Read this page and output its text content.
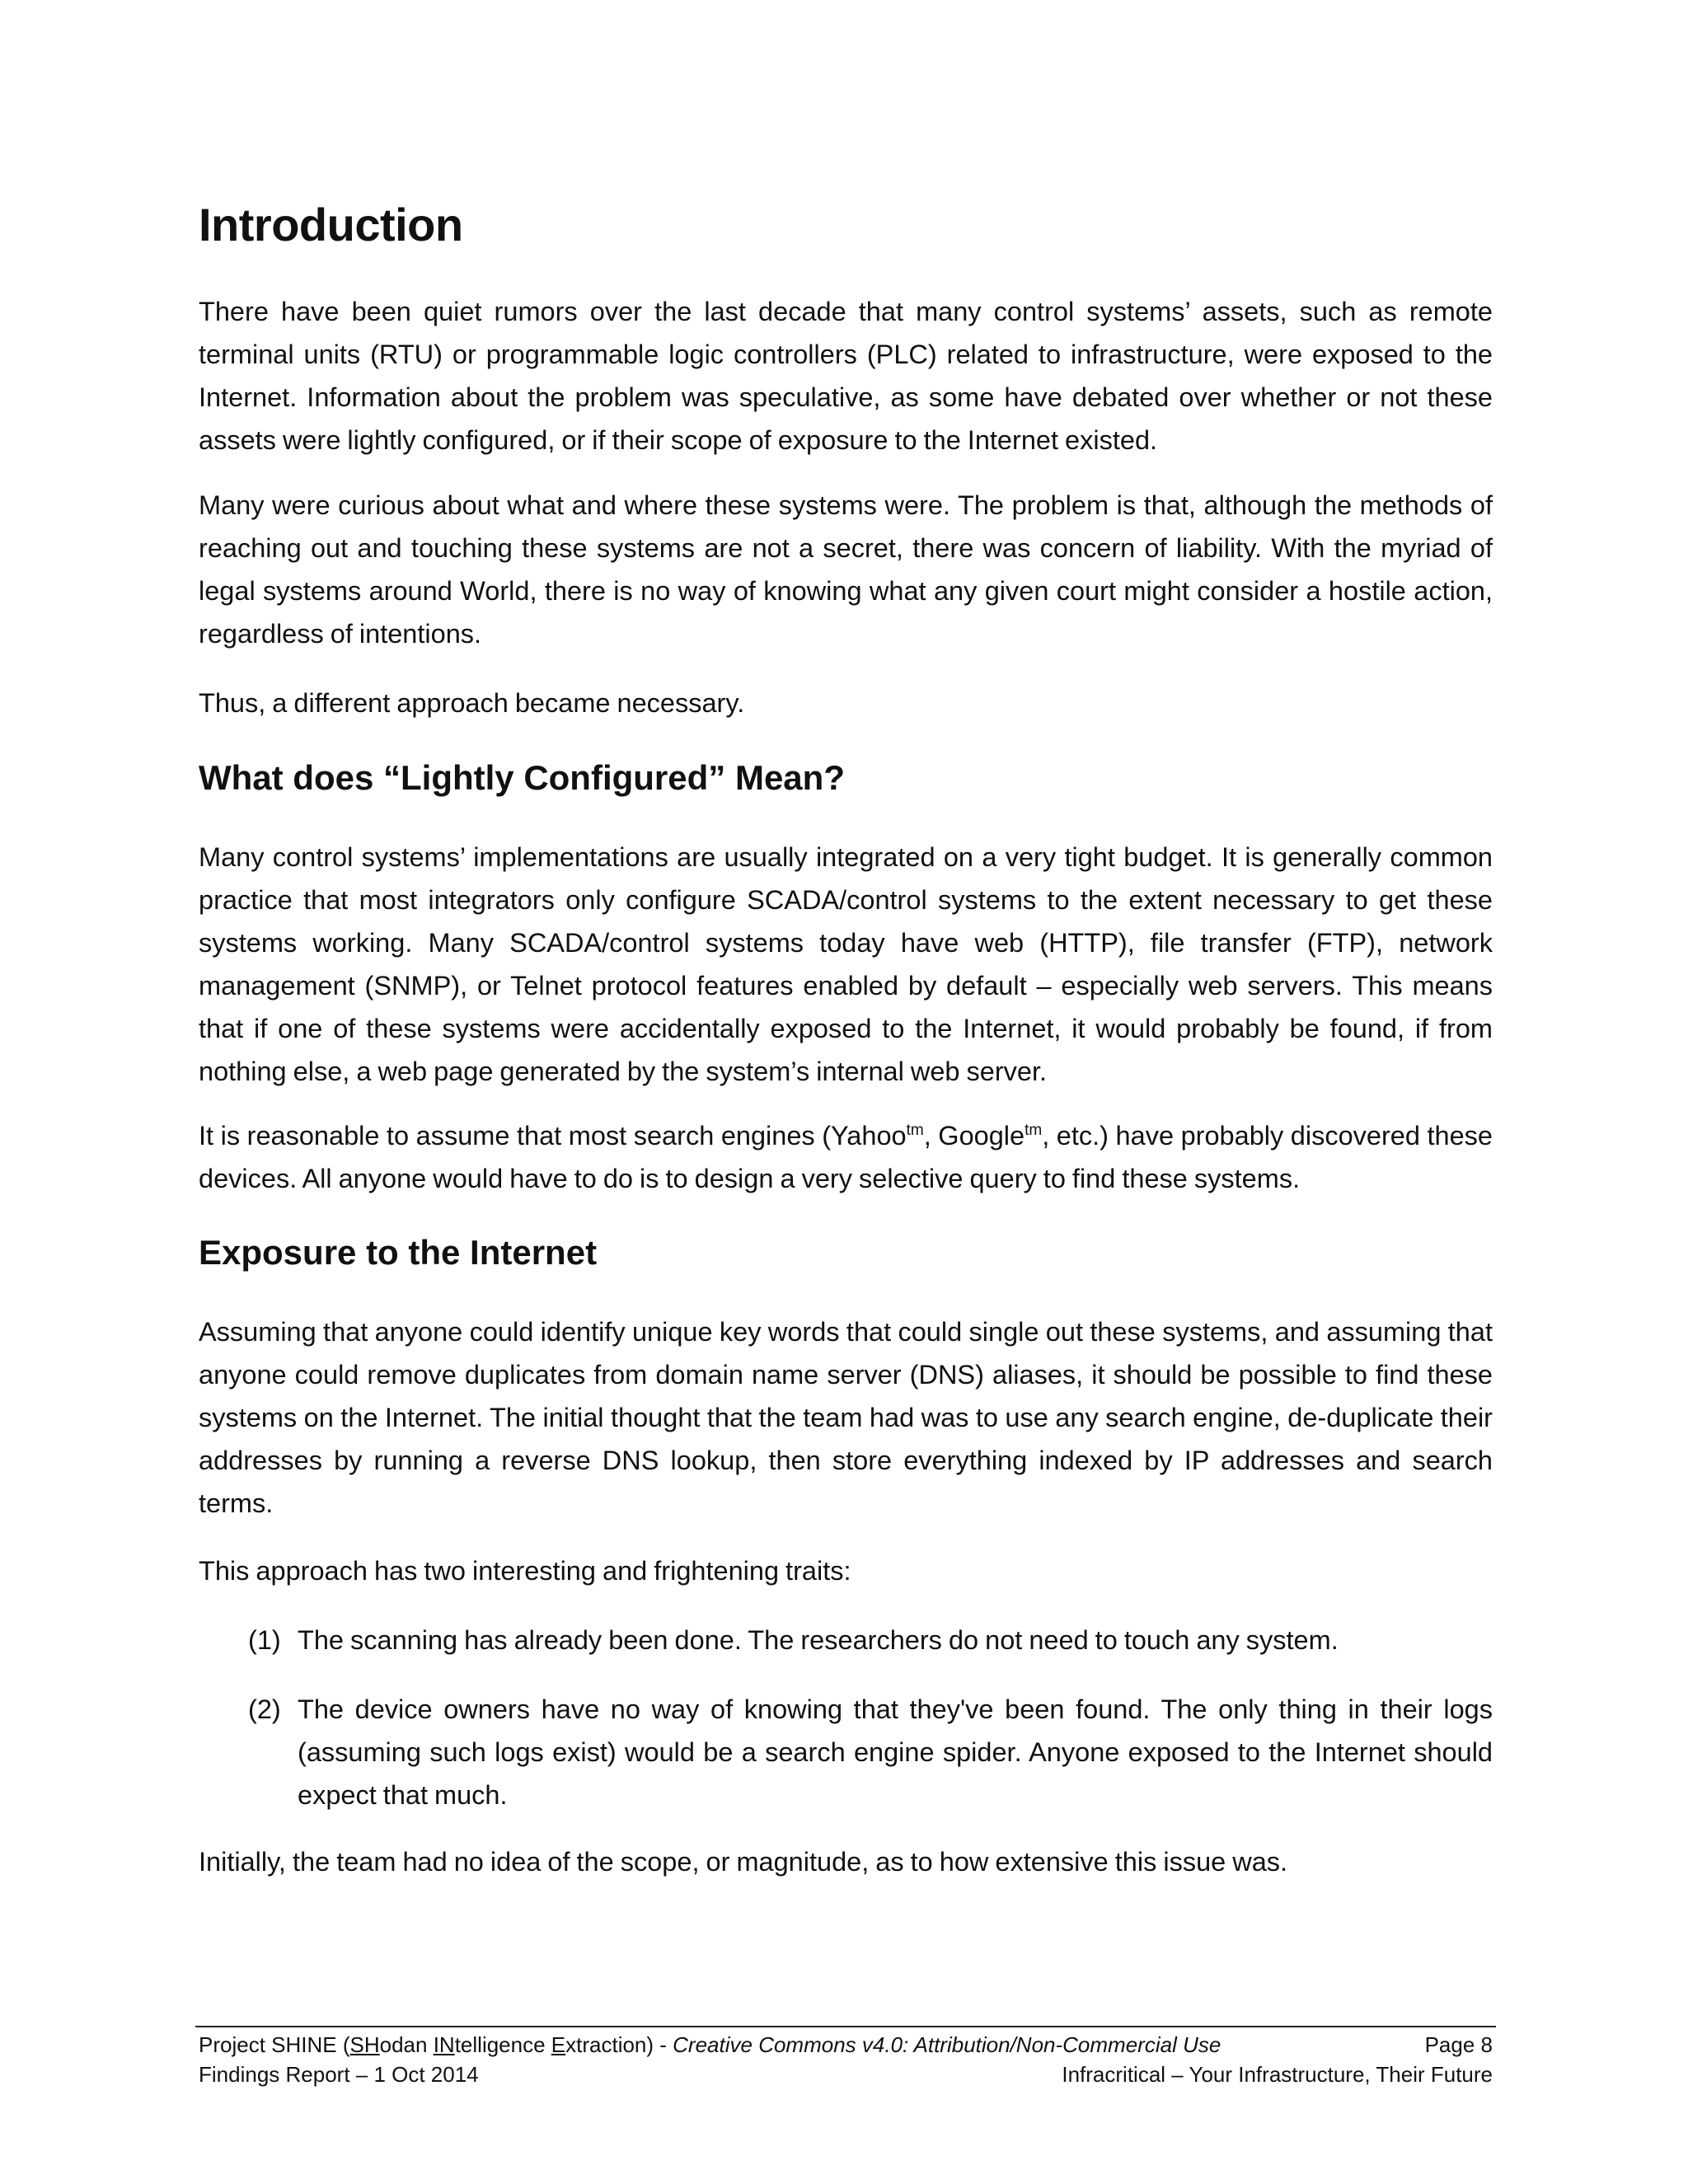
Introduction

There have been quiet rumors over the last decade that many control systems’ assets, such as remote terminal units (RTU) or programmable logic controllers (PLC) related to infrastructure, were exposed to the Internet. Information about the problem was speculative, as some have debated over whether or not these assets were lightly configured, or if their scope of exposure to the Internet existed.

Many were curious about what and where these systems were. The problem is that, although the methods of reaching out and touching these systems are not a secret, there was concern of liability. With the myriad of legal systems around World, there is no way of knowing what any given court might consider a hostile action, regardless of intentions.

Thus, a different approach became necessary.

What does “Lightly Configured” Mean?

Many control systems’ implementations are usually integrated on a very tight budget. It is generally common practice that most integrators only configure SCADA/control systems to the extent necessary to get these systems working. Many SCADA/control systems today have web (HTTP), file transfer (FTP), network management (SNMP), or Telnet protocol features enabled by default – especially web servers. This means that if one of these systems were accidentally exposed to the Internet, it would probably be found, if from nothing else, a web page generated by the system’s internal web server.

It is reasonable to assume that most search engines (Yahoo$^{tm}$, Google$^{tm}$, etc.) have probably discovered these devices. All anyone would have to do is to design a very selective query to find these systems.

Exposure to the Internet

Assuming that anyone could identify unique key words that could single out these systems, and assuming that anyone could remove duplicates from domain name server (DNS) aliases, it should be possible to find these systems on the Internet. The initial thought that the team had was to use any search engine, de-duplicate their addresses by running a reverse DNS lookup, then store everything indexed by IP addresses and search terms.

This approach has two interesting and frightening traits:

(1) The scanning has already been done. The researchers do not need to touch any system.
(2) The device owners have no way of knowing that they've been found. The only thing in their logs (assuming such logs exist) would be a search engine spider. Anyone exposed to the Internet should expect that much.

Initially, the team had no idea of the scope, or magnitude, as to how extensive this issue was.

Project SHINE (SHodan INtelligence Extraction) - Creative Commons v4.0: Attribution/Non-Commercial Use	Page 8
Findings Report – 1 Oct 2014	Infracritical – Your Infrastructure, Their Future
